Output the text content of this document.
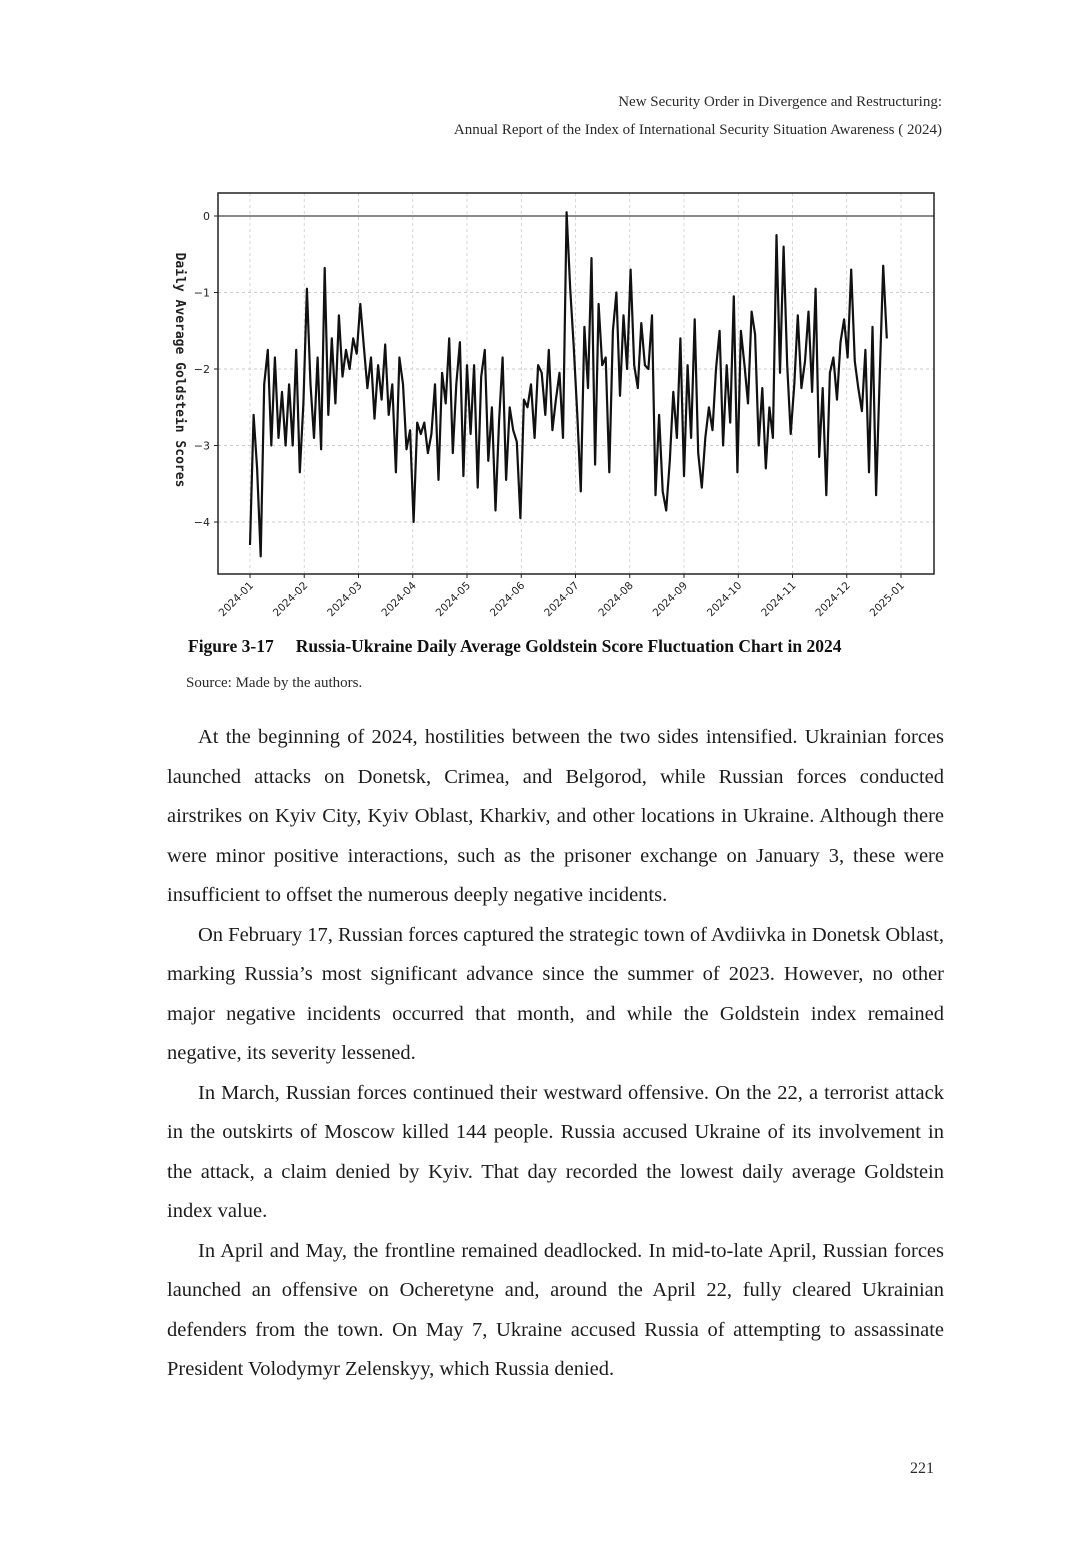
New Security Order in Divergence and Restructuring:
Annual Report of the Index of International Security Situation Awareness ( 2024)
0
−1
−2
−3
−4
2024-01 2024-02 2024-03 2024-04 2024-05 2024-06 2024-07 2024-08 2024-09 2024-10 2024-11 2024-12 2025-01
Daily Average Goldstein Scores
Figure 3-17 Russia-Ukraine Daily Average Goldstein Score Fluctuation Chart in 2024
Source: Made by the authors.

At the beginning of 2024, hostilities between the two sides intensified. Ukrainian forces launched attacks on Donetsk, Crimea, and Belgorod, while Russian forces conducted airstrikes on Kyiv City, Kyiv Oblast, Kharkiv, and other locations in Ukraine. Although there were minor positive interactions, such as the prisoner exchange on January 3, these were insufficient to offset the numerous deeply negative incidents.

On February 17, Russian forces captured the strategic town of Avdiivka in Donetsk Oblast, marking Russia’s most significant advance since the summer of 2023. However, no other major negative incidents occurred that month, and while the Goldstein index remained negative, its severity lessened.

In March, Russian forces continued their westward offensive. On the 22, a terrorist attack in the outskirts of Moscow killed 144 people. Russia accused Ukraine of its involvement in the attack, a claim denied by Kyiv. That day recorded the lowest daily average Goldstein index value.

In April and May, the frontline remained deadlocked. In mid-to-late April, Russian forces launched an offensive on Ocheretyne and, around the April 22, fully cleared Ukrainian defenders from the town. On May 7, Ukraine accused Russia of attempting to assassinate President Volodymyr Zelenskyy, which Russia denied.

221
